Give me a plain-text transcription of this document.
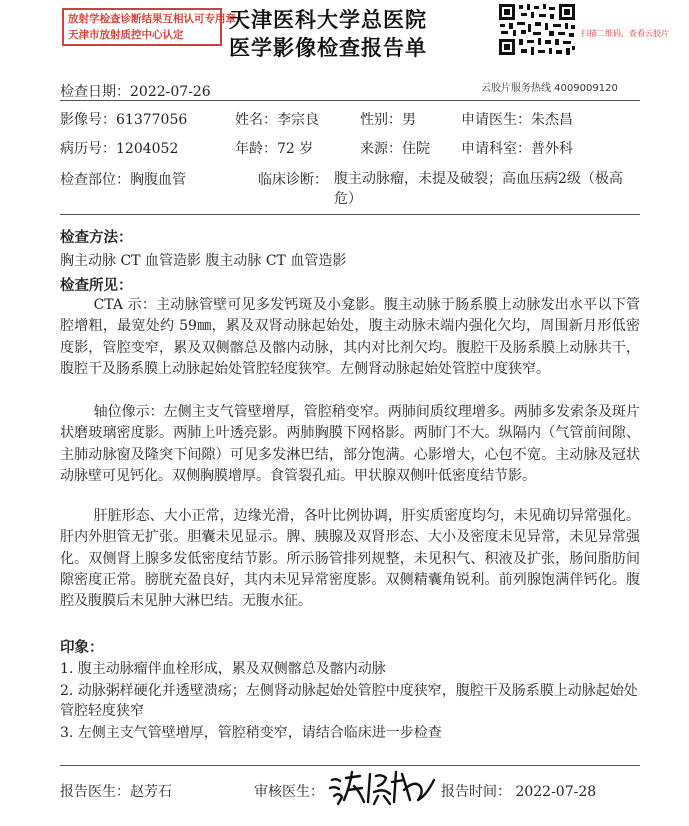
放射学检查诊断结果互相认可专用章
天津市放射质控中心认定
天津医科大学总医院
医学影像检查报告单
扫描二维码，查看云胶片
检查日期：2022-07-26	云胶片服务热线 4009009120
影像号：61377056	姓名：李宗良	性别：男	申请医生：朱杰昌
病历号：1204052	年龄：72 岁	来源：住院 申请科室：普外科
检查部位：胸腹血管	临床诊断： 腹主动脉瘤，未提及破裂；高血压病2级（极高危）
检查方法：
胸主动脉 CT 血管造影 腹主动脉 CT 血管造影
检查所见：
CTA 示：主动脉管壁可见多发钙斑及小龛影。腹主动脉于肠系膜上动脉发出水平以下管腔增粗，最宽处约 59㎜，累及双肾动脉起始处，腹主动脉末端内强化欠均，周围新月形低密度影，管腔变窄，累及双侧髂总及髂内动脉，其内对比剂欠均。腹腔干及肠系膜上动脉共干，腹腔干及肠系膜上动脉起始处管腔轻度狭窄。左侧肾动脉起始处管腔中度狭窄。
轴位像示：左侧主支气管壁增厚，管腔稍变窄。两肺间质纹理增多。两肺多发索条及斑片状磨玻璃密度影。两肺上叶透亮影。两肺胸膜下网格影。两肺门不大。纵隔内（气管前间隙、主肺动脉窗及隆突下间隙）可见多发淋巴结，部分饱满。心影增大，心包不宽。主动脉及冠状动脉壁可见钙化。双侧胸膜增厚。食管裂孔疝。甲状腺双侧叶低密度结节影。
肝脏形态、大小正常，边缘光滑，各叶比例协调，肝实质密度均匀，未见确切异常强化。肝内外胆管无扩张。胆囊未见显示。脾、胰腺及双肾形态、大小及密度未见异常，未见异常强化。双侧肾上腺多发低密度结节影。所示肠管排列规整，未见积气、积液及扩张，肠间脂肪间隙密度正常。膀胱充盈良好，其内未见异常密度影。双侧精囊角锐利。前列腺饱满伴钙化。腹腔及腹膜后未见肿大淋巴结。无腹水征。
印象：
1. 腹主动脉瘤伴血栓形成，累及双侧髂总及髂内动脉
2. 动脉粥样硬化并透壁溃疡；左侧肾动脉起始处管腔中度狭窄，腹腔干及肠系膜上动脉起始处管腔轻度狭窄
3. 左侧主支气管壁增厚，管腔稍变窄，请结合临床进一步检查
报告医生：赵芳石	审核医生：	报告时间： 2022-07-28
